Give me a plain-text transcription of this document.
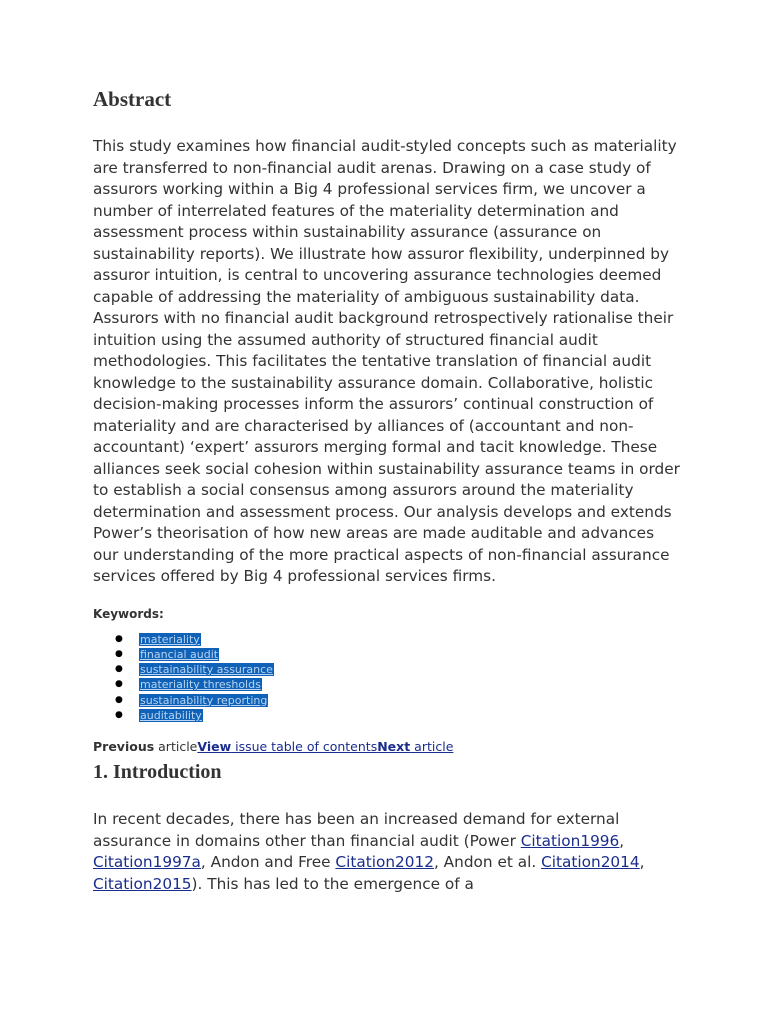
Abstract

This study examines how financial audit-styled concepts such as materiality are transferred to non-financial audit arenas. Drawing on a case study of assurors working within a Big 4 professional services firm, we uncover a number of interrelated features of the materiality determination and assessment process within sustainability assurance (assurance on sustainability reports). We illustrate how assuror flexibility, underpinned by assuror intuition, is central to uncovering assurance technologies deemed capable of addressing the materiality of ambiguous sustainability data. Assurors with no financial audit background retrospectively rationalise their intuition using the assumed authority of structured financial audit methodologies. This facilitates the tentative translation of financial audit knowledge to the sustainability assurance domain. Collaborative, holistic decision-making processes inform the assurors’ continual construction of materiality and are characterised by alliances of (accountant and non-accountant) ‘expert’ assurors merging formal and tacit knowledge. These alliances seek social cohesion within sustainability assurance teams in order to establish a social consensus among assurors around the materiality determination and assessment process. Our analysis develops and extends Power’s theorisation of how new areas are made auditable and advances our understanding of the more practical aspects of non-financial assurance services offered by Big 4 professional services firms.

Keywords:
● materiality
● financial audit
● sustainability assurance
● materiality thresholds
● sustainability reporting
● auditability
Previous articleView issue table of contentsNext article
1. Introduction

In recent decades, there has been an increased demand for external assurance in domains other than financial audit (Power Citation1996, Citation1997a, Andon and Free Citation2012, Andon et al. Citation2014, Citation2015). This has led to the emergence of a
